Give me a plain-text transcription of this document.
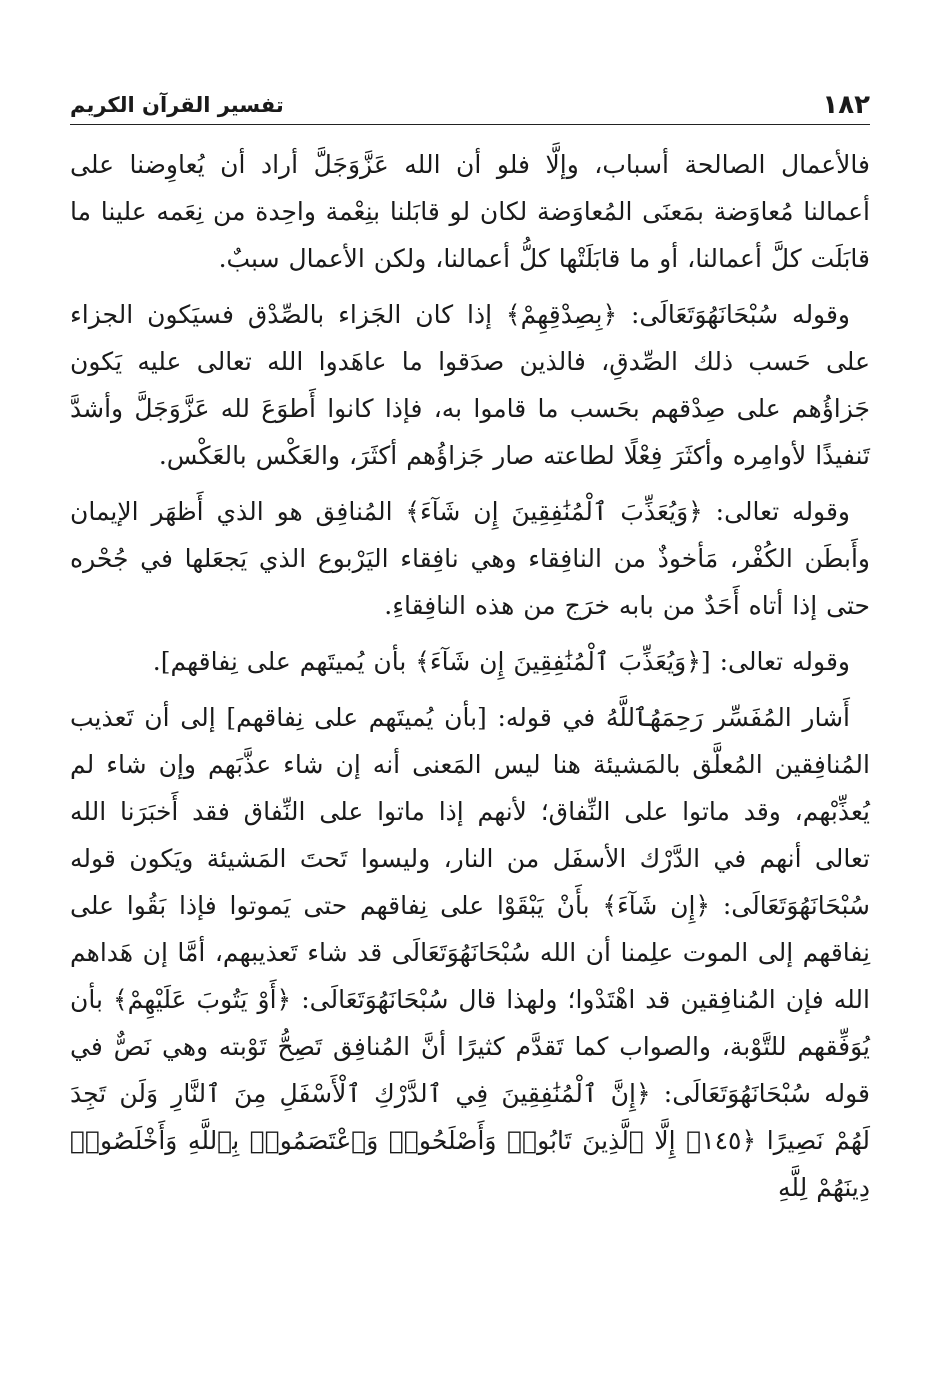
١٨٢
تفسير القرآن الكريم

فالأعمال الصالحة أسباب، وإلَّا فلو أن الله عَزَّوَجَلَّ أراد أن يُعاوِضنا على أعمالنا مُعاوَضة بمَعنَى المُعاوَضة لكان لو قابَلنا بنِعْمة واحِدة من نِعَمه علينا ما قابَلَت كلَّ أعمالنا، أو ما قابَلَتْها كلُّ أعمالنا، ولكن الأعمال سببٌ.

وقوله سُبْحَانَهُوَتَعَالَى: ﴿بِصِدْقِهِمْ﴾ إذا كان الجَزاء بالصِّدْق فسيَكون الجزاء على حَسب ذلك الصِّدقِ، فالذين صدَقوا ما عاهَدوا الله تعالى عليه يَكون جَزاؤُهم على صِدْقهم بحَسب ما قاموا به، فإذا كانوا أَطوَعَ لله عَزَّوَجَلَّ وأشدَّ تَنفيذًا لأوامِره وأكثَرَ فِعْلًا لطاعته صار جَزاؤُهم أكثَرَ، والعَكْس بالعَكْس.

وقوله تعالى: ﴿وَيُعَذِّبَ ٱلْمُنَٰفِقِينَ إِن شَآءَ﴾ المُنافِق هو الذي أَظهَر الإيمان وأَبطَن الكُفْر، مَأخوذٌ من النافِقاء وهي نافِقاء اليَرْبوع الذي يَجعَلها في جُحْره حتى إذا أتاه أَحَدٌ من بابه خرَج من هذه النافِقاءِ.

وقوله تعالى: [﴿وَيُعَذِّبَ ٱلْمُنَٰفِقِينَ إِن شَآءَ﴾ بأن يُميتَهم على نِفاقهم].

أَشار المُفَسِّر رَحِمَهُٱللَّهُ في قوله: [بأن يُميتَهم على نِفاقهم] إلى أن تَعذيب المُنافِقين المُعلَّق بالمَشيئة هنا ليس المَعنى أنه إن شاء عذَّبَهم وإن شاء لم يُعذِّبْهم، وقد ماتوا على النِّفاق؛ لأنهم إذا ماتوا على النِّفاق فقد أَخبَرَنا الله تعالى أنهم في الدَّرْك الأسفَل من النار، وليسوا تَحتَ المَشيئة ويَكون قوله سُبْحَانَهُوَتَعَالَى: ﴿إِن شَآءَ﴾ بأَنْ يَبْقَوْا على نِفاقهم حتى يَموتوا فإذا بَقُوا على نِفاقهم إلى الموت علِمنا أن الله سُبْحَانَهُوَتَعَالَى قد شاء تَعذيبهم، أمَّا إن هَداهم الله فإن المُنافِقين قد اهْتَدْوا؛ ولهذا قال سُبْحَانَهُوَتَعَالَى: ﴿أَوْ يَتُوبَ عَلَيْهِمْ﴾ بأن يُوَفِّقهم للتَّوْبة، والصواب كما تَقدَّم كثيرًا أنَّ المُنافِق تَصِحُّ تَوْبته وهي نَصٌّ في قوله سُبْحَانَهُوَتَعَالَى: ﴿إِنَّ ٱلْمُنَٰفِقِينَ فِي ٱلدَّرْكِ ٱلْأَسْفَلِ مِنَ ٱلنَّارِ وَلَن تَجِدَ لَهُمْ نَصِيرًا ﴿١٤٥﴾ إِلَّا ٱلَّذِينَ تَابُوا۟ وَأَصْلَحُوا۟ وَٱعْتَصَمُوا۟ بِٱللَّهِ وَأَخْلَصُوا۟ دِينَهُمْ لِلَّهِ
